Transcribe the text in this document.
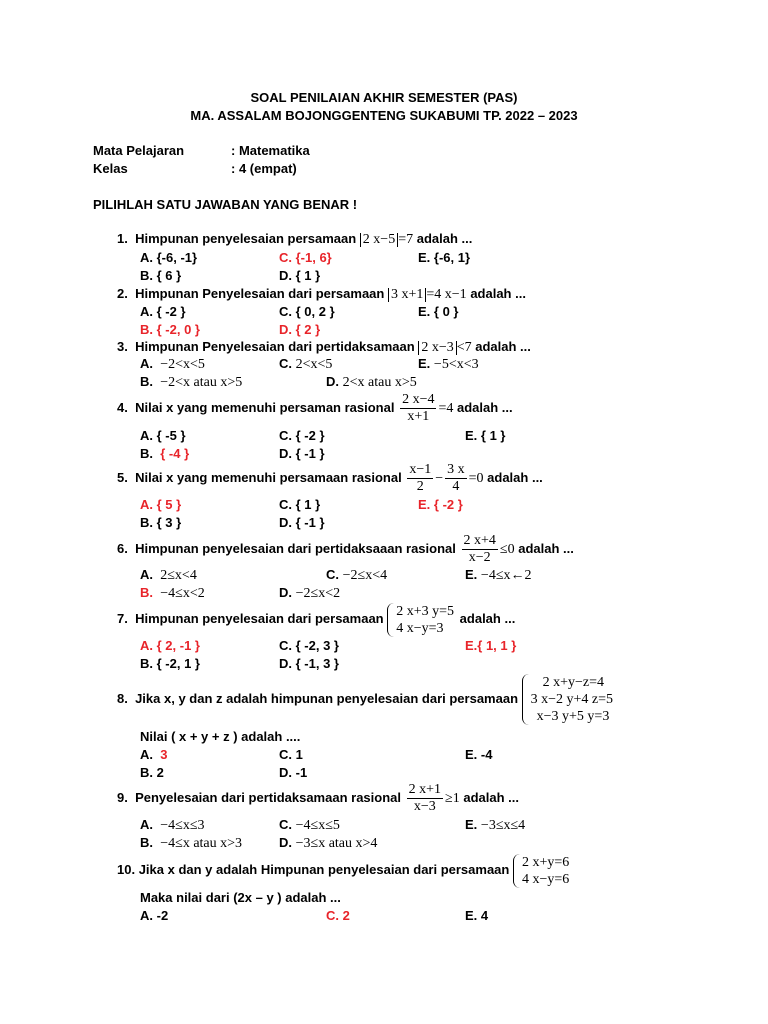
SOAL PENILAIAN AKHIR SEMESTER (PAS)
MA. ASSALAM BOJONGGENTENG SUKABUMI TP. 2022 – 2023
Mata Pelajaran	: Matematika
Kelas	: 4 (empat)
PILIHLAH SATU JAWABAN YANG BENAR !
1. Himpunan penyelesaian persamaan 2 x−5 =7 adalah ...
A. {-6, -1}	C. {-1, 6}	E. {-6, 1}
B. { 6 }	D. { 1 }
2. Himpunan Penyelesaian dari persamaan 3 x+1 =4 x−1 adalah ...
A. { -2 }	C. { 0, 2 }	E. { 0 }
B. { -2, 0 }	D. { 2 }
3. Himpunan Penyelesaian dari pertidaksamaan 2 x−3 <7 adalah ...
A. −2<x<5	C. 2<x<5	E. −5<x<3
B. −2<x atau x>5	D. 2<x atau x>5
4. Nilai x yang memenuhi persaman rasional $\frac{2 x-4}{x+1} =4$ adalah ...
A. { -5 }	C. { -2 }	E. { 1 }
B.  { -4 }	D. { -1 }
5. Nilai x yang memenuhi persamaan rasional $\frac{x-1}{2} - \frac{3 x}{4} =0$ adalah ...
A. { 5 }	C. { 1 }	E. { -2 }
B. { 3 }	D. { -1 }
6. Himpunan penyelesaian dari pertidaksaaan rasional $\frac{2 x+4}{x-2} \le 0$ adalah ...
A. 2≤x<4	C. −2≤x<4	E. −4≤x←2
B. −4≤x<2	D. −2≤x<2
7. Himpunan penyelesaian dari persamaan 2 x+3 y=5
4 x−y=3
adalah ...
A. { 2, -1 }	C. { -2, 3 }	E.{ 1, 1 }
B. { -2, 1 }	D. { -1, 3 }
8. Jika x, y dan z adalah himpunan penyelesaian dari persamaan
2 x+y−z=4
3 x−2 y+4 z=5
x−3 y+5 y=3
Nilai ( x + y + z ) adalah ....
A. 3	C. 1	E. -4
B. 2	D. -1
9. Penyelesaian dari pertidaksamaan rasional $\frac{2 x+1}{x-3} \ge 1$ adalah ...
A. −4≤x≤3	C. −4≤x≤5	E. −3≤x≤4
B. −4≤x atau x>3	D. −3≤x atau x>4
10. Jika x dan y adalah Himpunan penyelesaian dari persamaan 2 x+y=6
4 x−y=6
Maka nilai dari (2x – y ) adalah ...
A. -2	C. 2	E. 4
